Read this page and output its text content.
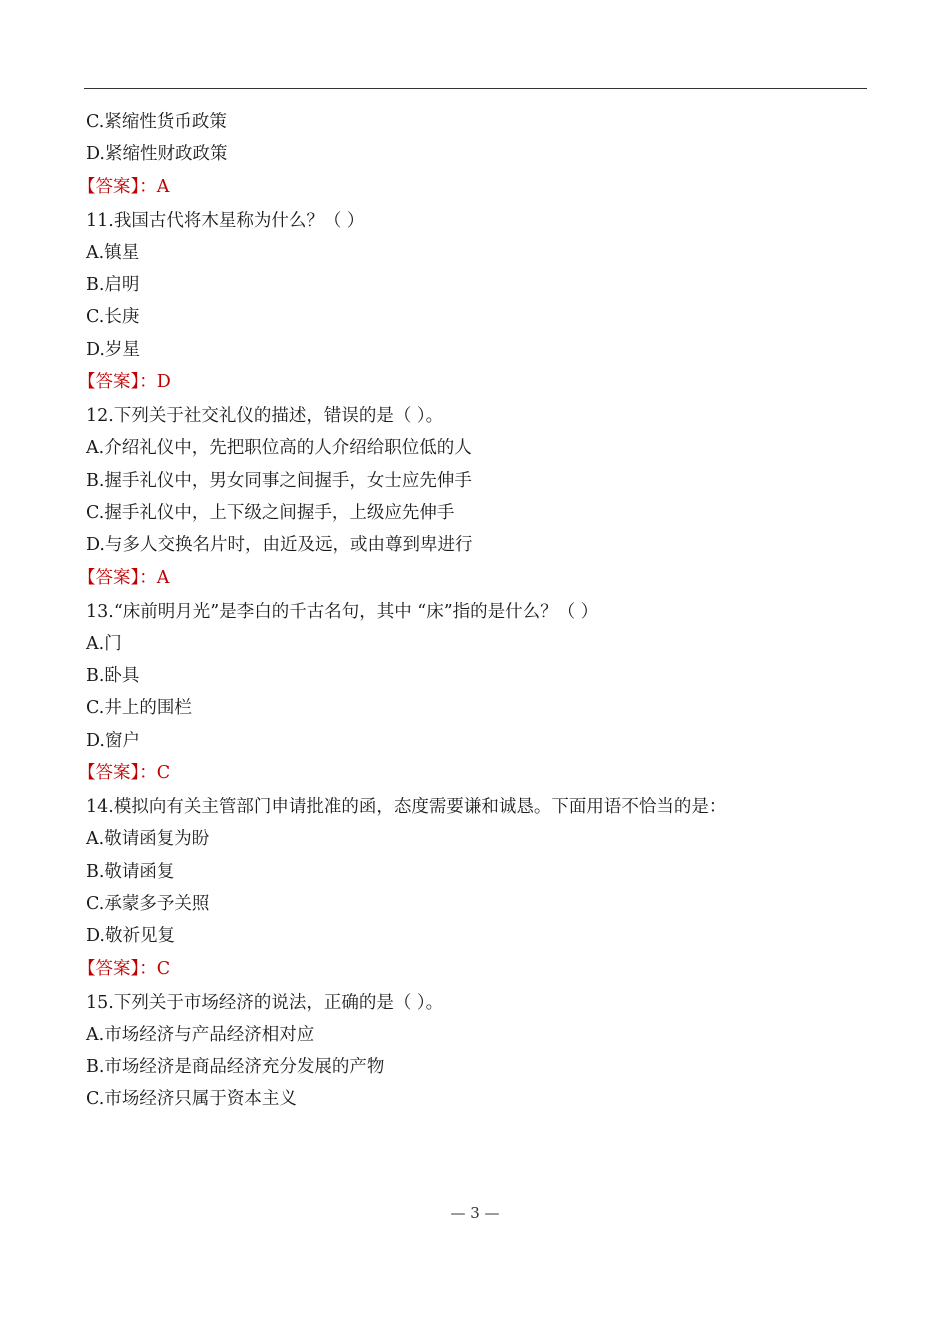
C.紧缩性货币政策
D.紧缩性财政政策
【答案】：A
11.我国古代将木星称为什么？（ ）
A.镇星
B.启明
C.长庚
D.岁星
【答案】：D
12.下列关于社交礼仪的描述，错误的是（ ）。
A.介绍礼仪中，先把职位高的人介绍给职位低的人
B.握手礼仪中，男女同事之间握手，女士应先伸手
C.握手礼仪中，上下级之间握手，上级应先伸手
D.与多人交换名片时，由近及远，或由尊到卑进行
【答案】：A
13.“床前明月光”是李白的千古名句，其中 “床”指的是什么？（ ）
A.门
B.卧具
C.井上的围栏
D.窗户
【答案】：C
14.模拟向有关主管部门申请批准的函，态度需要谦和诚恳。下面用语不恰当的是：
A.敬请函复为盼
B.敬请函复
C.承蒙多予关照
D.敬祈见复
【答案】：C
15.下列关于市场经济的说法，正确的是（ ）。
A.市场经济与产品经济相对应
B.市场经济是商品经济充分发展的产物
C.市场经济只属于资本主义
— 3 —
